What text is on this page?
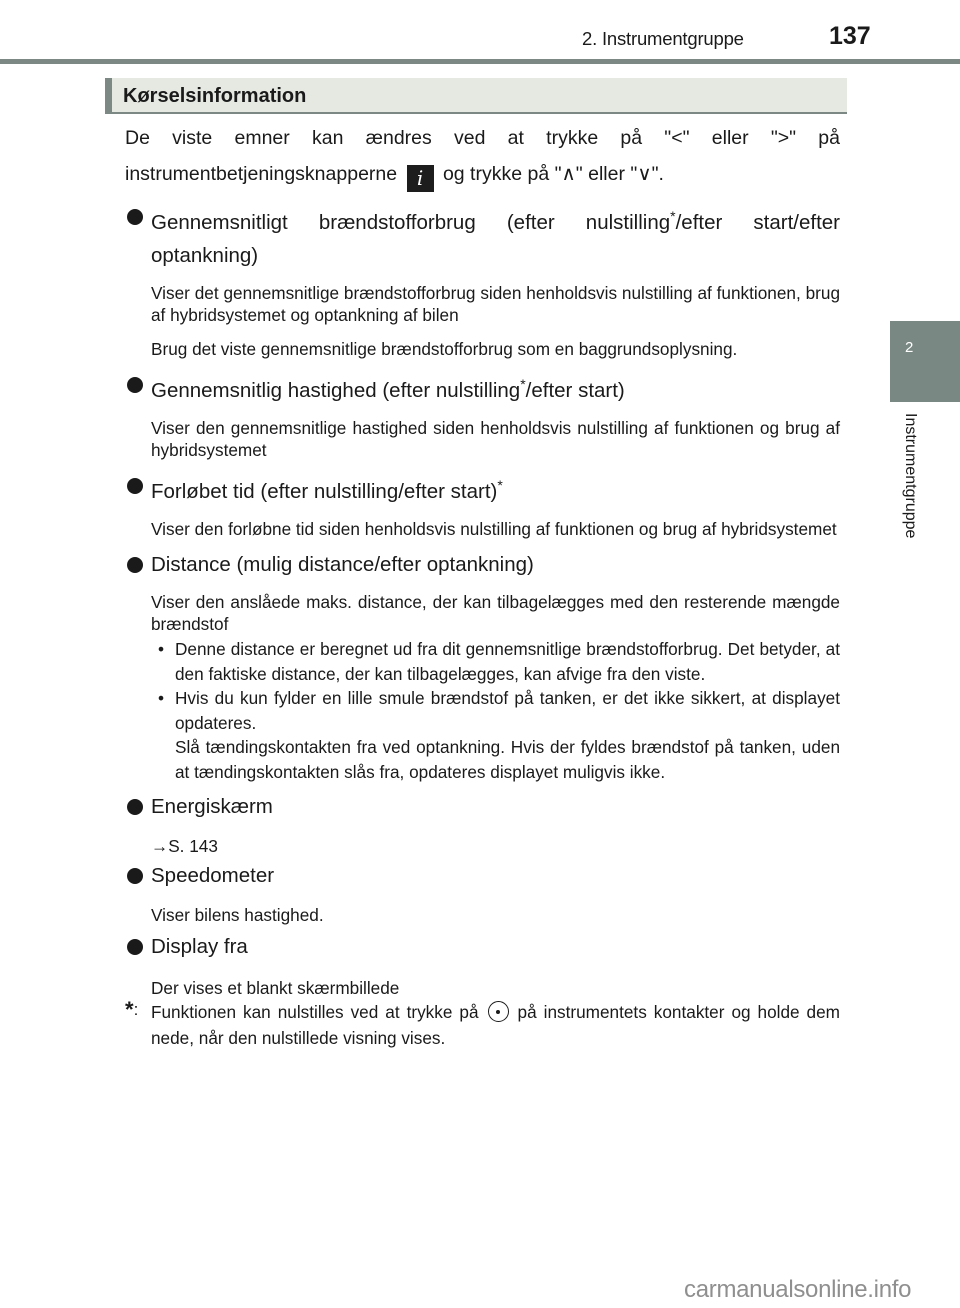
2. Instrumentgruppe	137
2
Instrumentgruppe
Kørselsinformation

De viste emner kan ændres ved at trykke på "<" eller ">" på instrumentbetjeningsknapperne i og trykke på "∧" eller "∨".

Gennemsnitligt brændstofforbrug (efter nulstilling*/efter start/efter optankning)
Viser det gennemsnitlige brændstofforbrug siden henholdsvis nulstilling af funktionen, brug af hybridsystemet og optankning af bilen
Brug det viste gennemsnitlige brændstofforbrug som en baggrundsoplysning.
Gennemsnitlig hastighed (efter nulstilling*/efter start)
Viser den gennemsnitlige hastighed siden henholdsvis nulstilling af funktionen og brug af hybridsystemet
Forløbet tid (efter nulstilling/efter start)*
Viser den forløbne tid siden henholdsvis nulstilling af funktionen og brug af hybridsystemet
Distance (mulig distance/efter optankning)
Viser den anslåede maks. distance, der kan tilbagelægges med den resterende mængde brændstof
• Denne distance er beregnet ud fra dit gennemsnitlige brændstofforbrug. Det betyder, at den faktiske distance, der kan tilbagelægges, kan afvige fra den viste.
• Hvis du kun fylder en lille smule brændstof på tanken, er det ikke sikkert, at displayet opdateres.
Slå tændingskontakten fra ved optankning. Hvis der fyldes brændstof på tanken, uden at tændingskontakten slås fra, opdateres displayet muligvis ikke.
Energiskærm
→S. 143
Speedometer
Viser bilens hastighed.
Display fra
Der vises et blankt skærmbillede
*: Funktionen kan nulstilles ved at trykke på på instrumentets kontakter og holde dem nede, når den nulstillede visning vises.
carmanualsonline.info
